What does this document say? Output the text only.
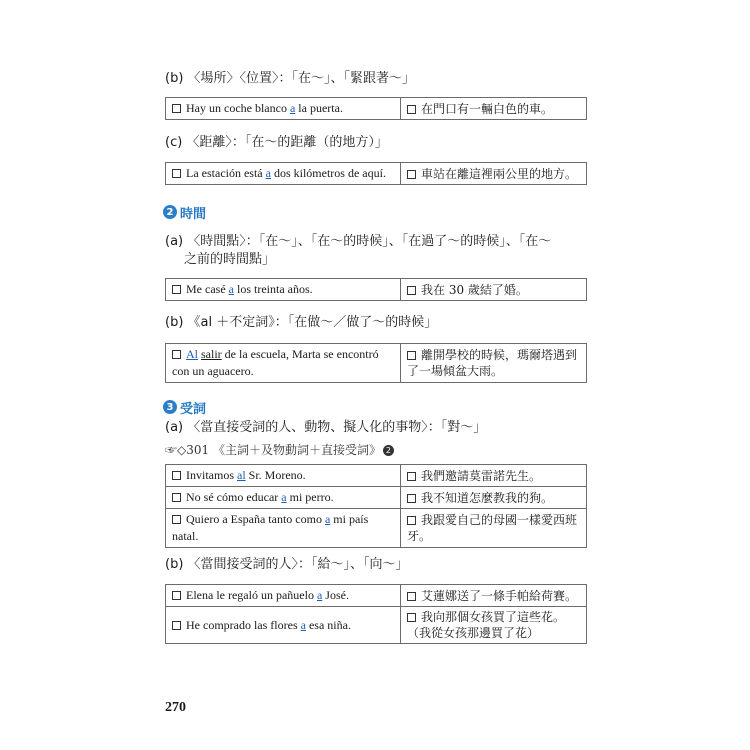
(b) 〈場所〉〈位置〉：「在～」、「緊跟著～」
Hay un coche blanco a la puerta.	在門口有一輛白色的車。
(c) 〈距離〉：「在～的距離（的地方）」
La estación está a dos kilómetros de aquí.	車站在離這裡兩公里的地方。
2 時間
(a) 〈時間點〉：「在～」、「在～的時候」、「在過了～的時候」、「在～
之前的時間點」
Me casé a los treinta años.	我在 30 歲結了婚。
(b) 《al ＋不定詞》：「在做～／做了～的時候」
Al salir de la escuela, Marta se encontró con un aguacero.	離開學校的時候，瑪爾塔遇到了一場傾盆大雨。
3 受詞
(a) 〈當直接受詞的人、動物、擬人化的事物〉：「對～」
☞◇301 《主詞＋及物動詞＋直接受詞》 2
Invitamos al Sr. Moreno.	我們邀請莫雷諾先生。
No sé cómo educar a mi perro.	我不知道怎麼教我的狗。
Quiero a España tanto como a mi país natal.	我跟愛自己的母國一樣愛西班牙。
(b) 〈當間接受詞的人〉：「給～」、「向～」
Elena le regaló un pañuelo a José.	艾蓮娜送了一條手帕給荷賽。
He comprado las flores a esa niña.	我向那個女孩買了這些花。（我從女孩那邊買了花）
270
